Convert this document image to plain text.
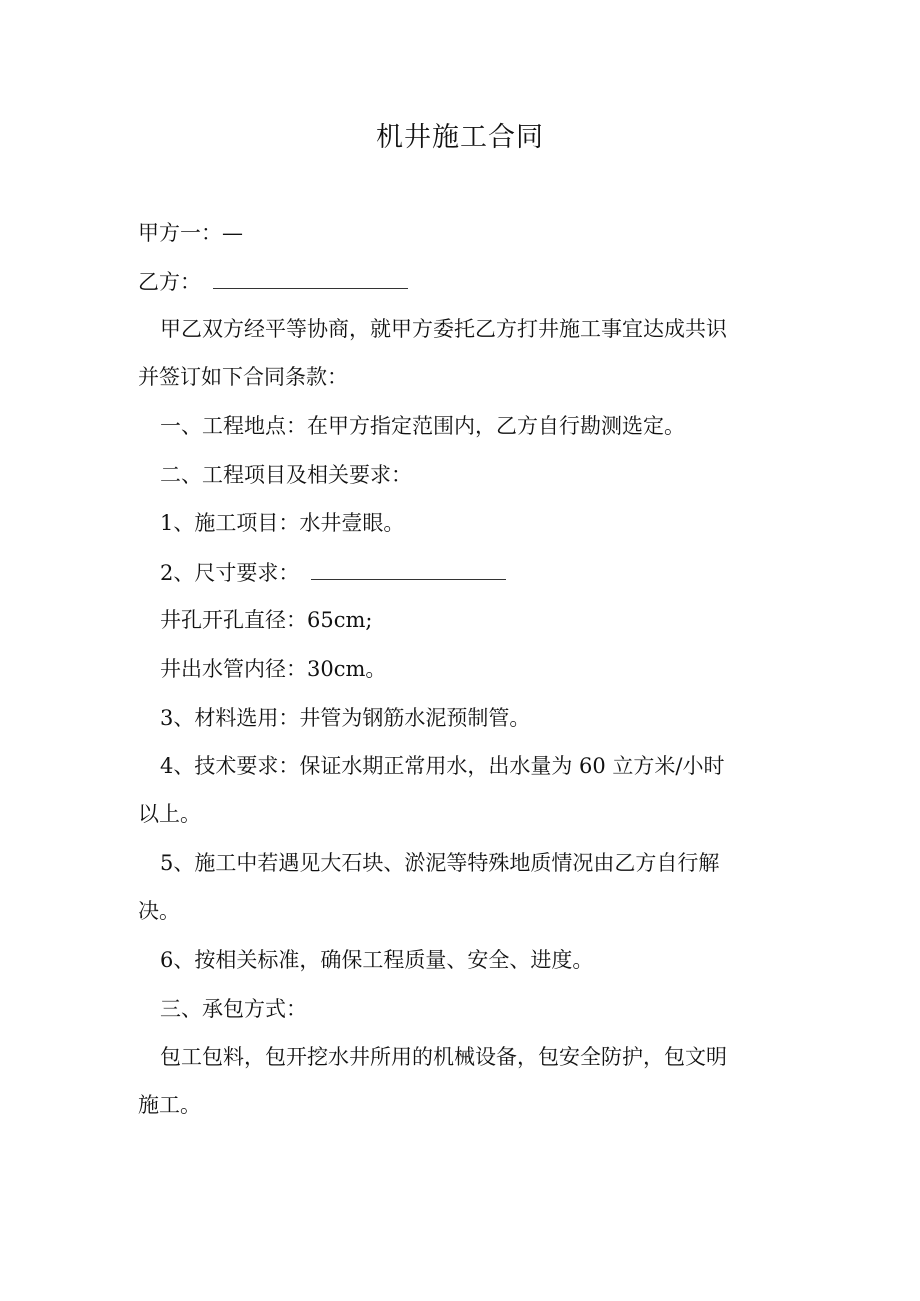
机井施工合同
甲方一：—
乙方：
甲乙双方经平等协商，就甲方委托乙方打井施工事宜达成共识
并签订如下合同条款：
一、工程地点：在甲方指定范围内，乙方自行勘测选定。
二、工程项目及相关要求：
1、施工项目：水井壹眼。
2、尺寸要求：
井孔开孔直径：65cm;
井出水管内径：30cm。
3、材料选用：井管为钢筋水泥预制管。
4、技术要求：保证水期正常用水，出水量为 60 立方米/小时
以上。
5、施工中若遇见大石块、淤泥等特殊地质情况由乙方自行解
决。
6、按相关标准，确保工程质量、安全、进度。
三、承包方式：
包工包料，包开挖水井所用的机械设备，包安全防护，包文明
施工。
